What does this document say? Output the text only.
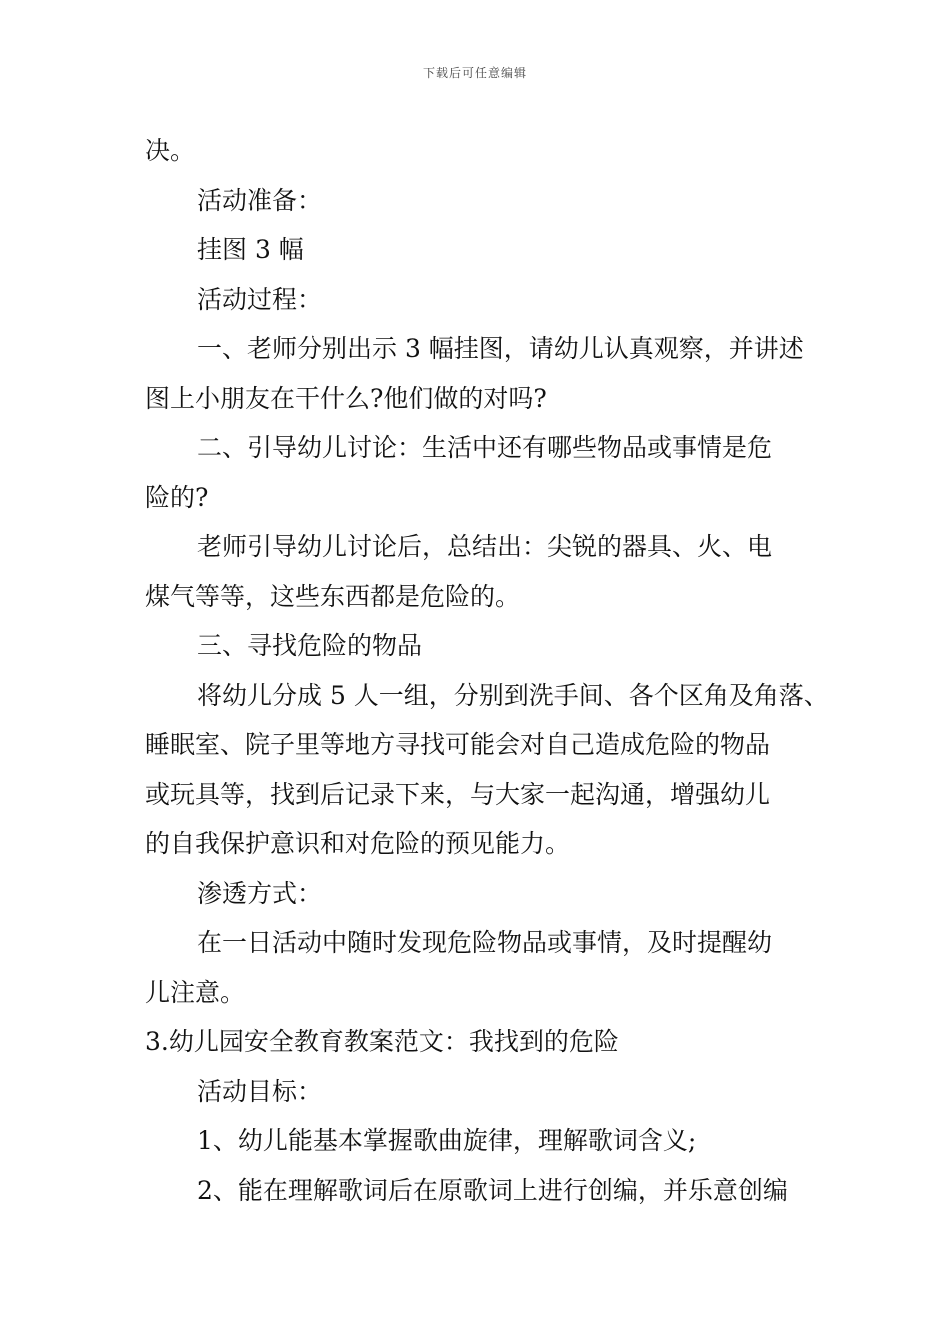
下载后可任意编辑
决。
活动准备：
挂图 3 幅
活动过程：
一、老师分别出示 3 幅挂图，请幼儿认真观察，并讲述
图上小朋友在干什么?他们做的对吗?
二、引导幼儿讨论：生活中还有哪些物品或事情是危
险的?
老师引导幼儿讨论后，总结出：尖锐的器具、火、电
煤气等等，这些东西都是危险的。
三、寻找危险的物品
将幼儿分成 5 人一组，分别到洗手间、各个区角及角落、
睡眠室、院子里等地方寻找可能会对自己造成危险的物品
或玩具等，找到后记录下来，与大家一起沟通，增强幼儿
的自我保护意识和对危险的预见能力。
渗透方式：
在一日活动中随时发现危险物品或事情，及时提醒幼
儿注意。
3.幼儿园安全教育教案范文：我找到的危险
活动目标：
1、幼儿能基本掌握歌曲旋律，理解歌词含义;
2、能在理解歌词后在原歌词上进行创编，并乐意创编
